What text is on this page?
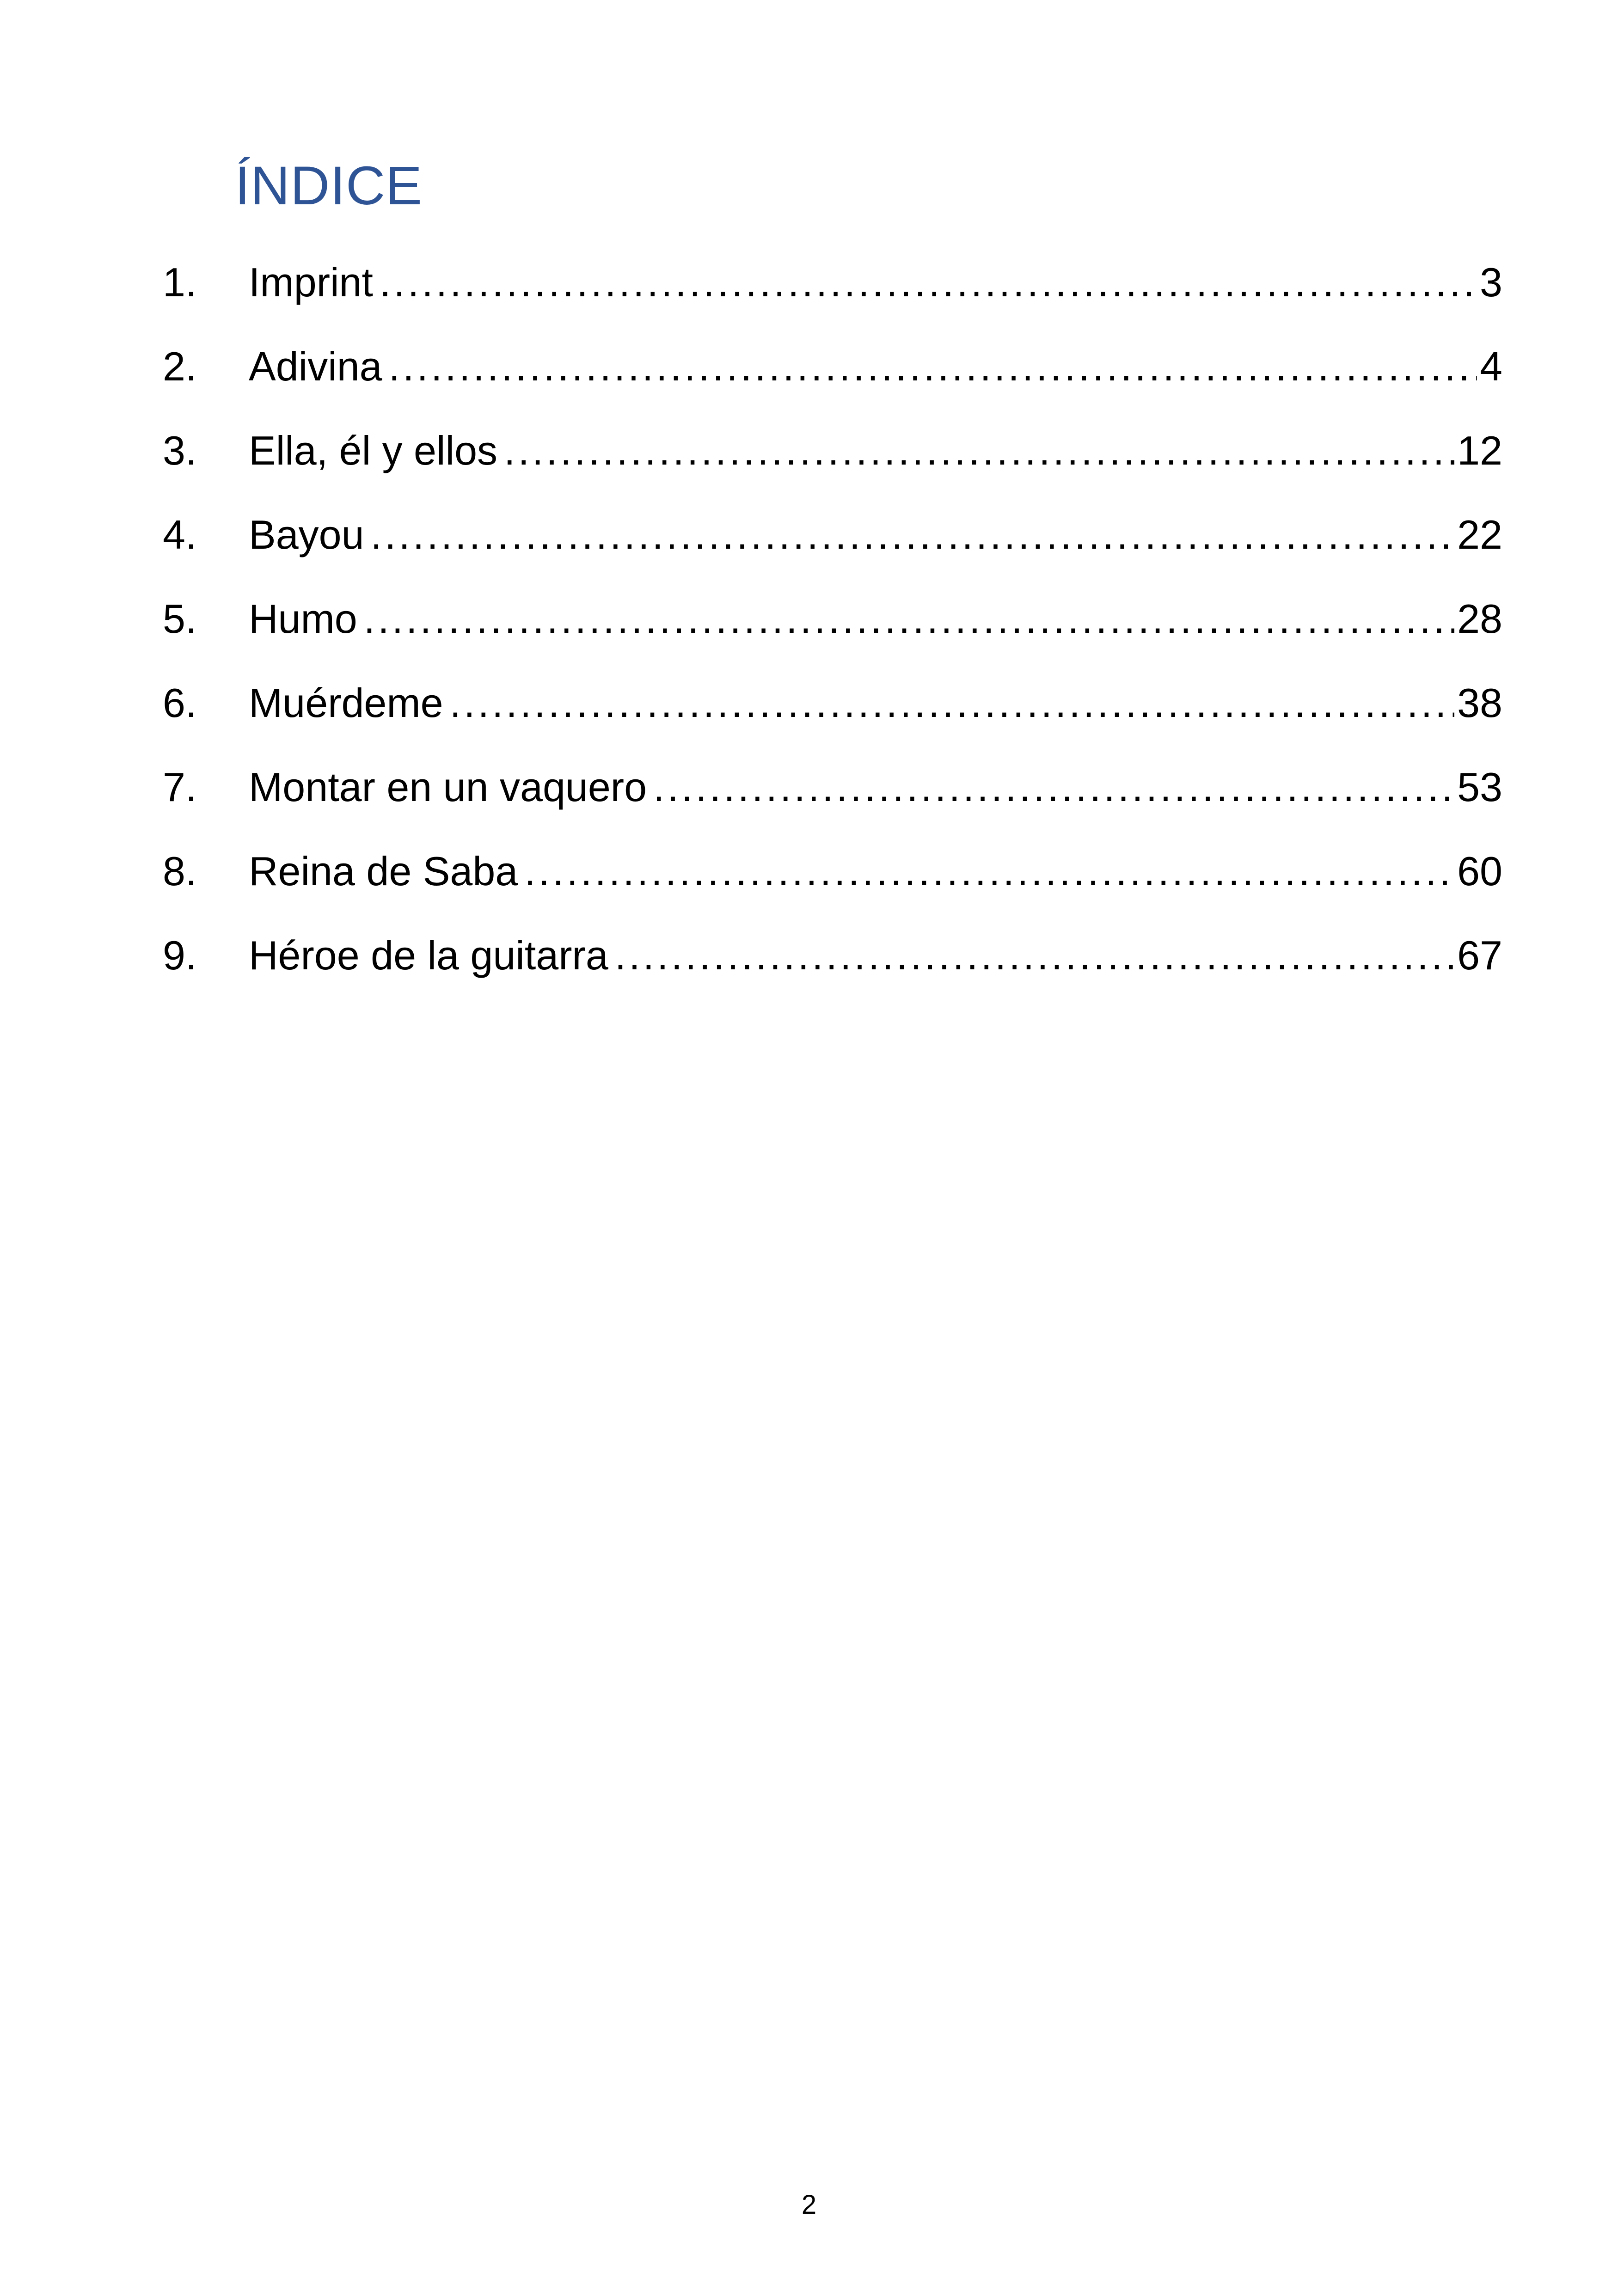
ÍNDICE
1.	Imprint .....	3
2.	Adivina .....	4
3.	Ella, él y ellos .....	12
4.	Bayou .....	22
5.	Humo .....	28
6.	Muérdeme .....	38
7.	Montar en un vaquero .....	53
8.	Reina de Saba .....	60
9.	Héroe de la guitarra .....	67
2
